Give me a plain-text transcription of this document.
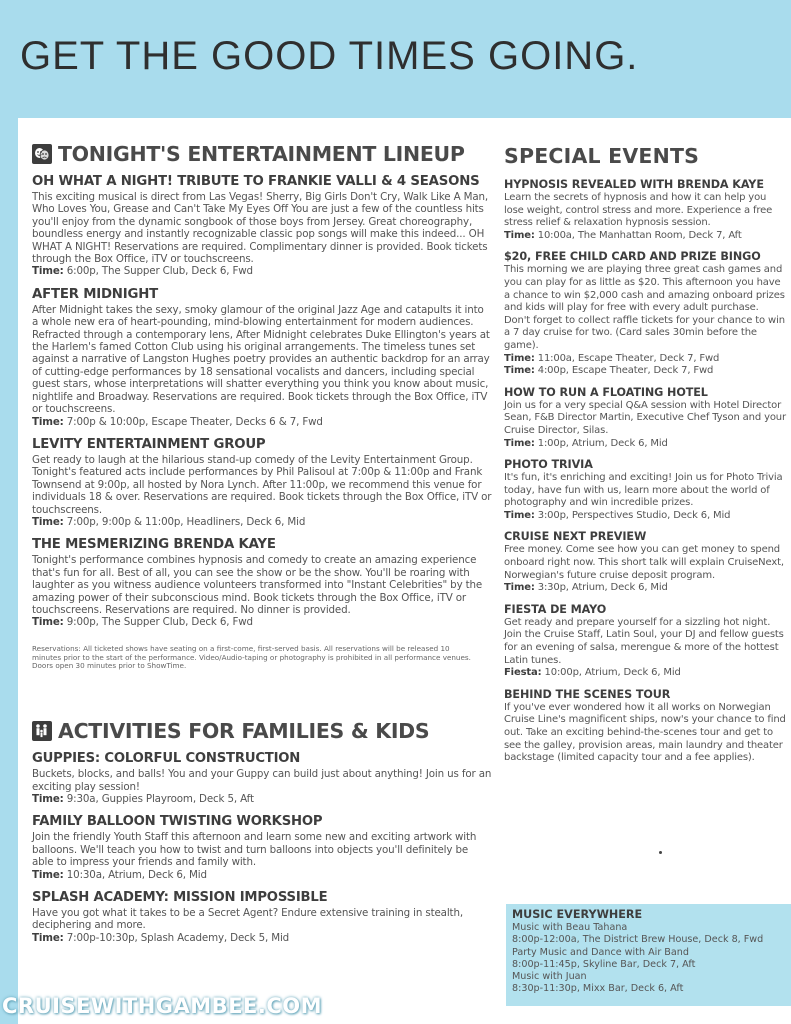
GET THE GOOD TIMES GOING.
TONIGHT'S ENTERTAINMENT LINEUP
OH WHAT A NIGHT! TRIBUTE TO FRANKIE VALLI & 4 SEASONS
This exciting musical is direct from Las Vegas! Sherry, Big Girls Don't Cry, Walk Like A Man, Who Loves You, Grease and Can't Take My Eyes Off You are just a few of the countless hits you'll enjoy from the dynamic songbook of those boys from Jersey. Great choreography, boundless energy and instantly recognizable classic pop songs will make this indeed... OH WHAT A NIGHT! Reservations are required. Complimentary dinner is provided. Book tickets through the Box Office, iTV or touchscreens.
Time: 6:00p, The Supper Club, Deck 6, Fwd
AFTER MIDNIGHT
After Midnight takes the sexy, smoky glamour of the original Jazz Age and catapults it into a whole new era of heart-pounding, mind-blowing entertainment for modern audiences. Refracted through a contemporary lens, After Midnight celebrates Duke Ellington's years at the Harlem's famed Cotton Club using his original arrangements. The timeless tunes set against a narrative of Langston Hughes poetry provides an authentic backdrop for an array of cutting-edge performances by 18 sensational vocalists and dancers, including special guest stars, whose interpretations will shatter everything you think you know about music, nightlife and Broadway. Reservations are required. Book tickets through the Box Office, iTV or touchscreens.
Time: 7:00p & 10:00p, Escape Theater, Decks 6 & 7, Fwd
LEVITY ENTERTAINMENT GROUP
Get ready to laugh at the hilarious stand-up comedy of the Levity Entertainment Group. Tonight's featured acts include performances by Phil Palisoul at 7:00p & 11:00p and Frank Townsend at 9:00p, all hosted by Nora Lynch. After 11:00p, we recommend this venue for individuals 18 & over. Reservations are required. Book tickets through the Box Office, iTV or touchscreens.
Time: 7:00p, 9:00p & 11:00p, Headliners, Deck 6, Mid
THE MESMERIZING BRENDA KAYE
Tonight's performance combines hypnosis and comedy to create an amazing experience that's fun for all. Best of all, you can see the show or be the show. You'll be roaring with laughter as you witness audience volunteers transformed into "Instant Celebrities" by the amazing power of their subconscious mind. Book tickets through the Box Office, iTV or touchscreens. Reservations are required. No dinner is provided.
Time: 9:00p, The Supper Club, Deck 6, Fwd
Reservations: All ticketed shows have seating on a first-come, first-served basis. All reservations will be released 10 minutes prior to the start of the performance. Video/Audio-taping or photography is prohibited in all performance venues. Doors open 30 minutes prior to ShowTime.
ACTIVITIES FOR FAMILIES & KIDS
GUPPIES: COLORFUL CONSTRUCTION
Buckets, blocks, and balls! You and your Guppy can build just about anything! Join us for an exciting play session!
Time: 9:30a, Guppies Playroom, Deck 5, Aft
FAMILY BALLOON TWISTING WORKSHOP
Join the friendly Youth Staff this afternoon and learn some new and exciting artwork with balloons. We'll teach you how to twist and turn balloons into objects you'll definitely be able to impress your friends and family with.
Time: 10:30a, Atrium, Deck 6, Mid
SPLASH ACADEMY: MISSION IMPOSSIBLE
Have you got what it takes to be a Secret Agent? Endure extensive training in stealth, deciphering and more.
Time: 7:00p-10:30p, Splash Academy, Deck 5, Mid
SPECIAL EVENTS
HYPNOSIS REVEALED WITH BRENDA KAYE
Learn the secrets of hypnosis and how it can help you lose weight, control stress and more. Experience a free stress relief & relaxation hypnosis session.
Time: 10:00a, The Manhattan Room, Deck 7, Aft
$20, FREE CHILD CARD AND PRIZE BINGO
This morning we are playing three great cash games and you can play for as little as $20. This afternoon you have a chance to win $2,000 cash and amazing onboard prizes and kids will play for free with every adult purchase. Don't forget to collect raffle tickets for your chance to win a 7 day cruise for two. (Card sales 30min before the game).
Time: 11:00a, Escape Theater, Deck 7, Fwd
Time: 4:00p, Escape Theater, Deck 7, Fwd
HOW TO RUN A FLOATING HOTEL
Join us for a very special Q&A session with Hotel Director Sean, F&B Director Martin, Executive Chef Tyson and your Cruise Director, Silas.
Time: 1:00p, Atrium, Deck 6, Mid
PHOTO TRIVIA
It's fun, it's enriching and exciting! Join us for Photo Trivia today, have fun with us, learn more about the world of photography and win incredible prizes.
Time: 3:00p, Perspectives Studio, Deck 6, Mid
CRUISE NEXT PREVIEW
Free money. Come see how you can get money to spend onboard right now. This short talk will explain CruiseNext, Norwegian's future cruise deposit program.
Time: 3:30p, Atrium, Deck 6, Mid
FIESTA DE MAYO
Get ready and prepare yourself for a sizzling hot night. Join the Cruise Staff, Latin Soul, your DJ and fellow guests for an evening of salsa, merengue & more of the hottest Latin tunes.
Fiesta: 10:00p, Atrium, Deck 6, Mid
BEHIND THE SCENES TOUR
If you've ever wondered how it all works on Norwegian Cruise Line's magnificent ships, now's your chance to find out. Take an exciting behind-the-scenes tour and get to see the galley, provision areas, main laundry and theater backstage (limited capacity tour and a fee applies).
MUSIC EVERYWHERE
Music with Beau Tahana
8:00p-12:00a, The District Brew House, Deck 8, Fwd
Party Music and Dance with Air Band
8:00p-11:45p, Skyline Bar, Deck 7, Aft
Music with Juan
8:30p-11:30p, Mixx Bar, Deck 6, Aft
CRUISEWITHGAMBEE.COM
